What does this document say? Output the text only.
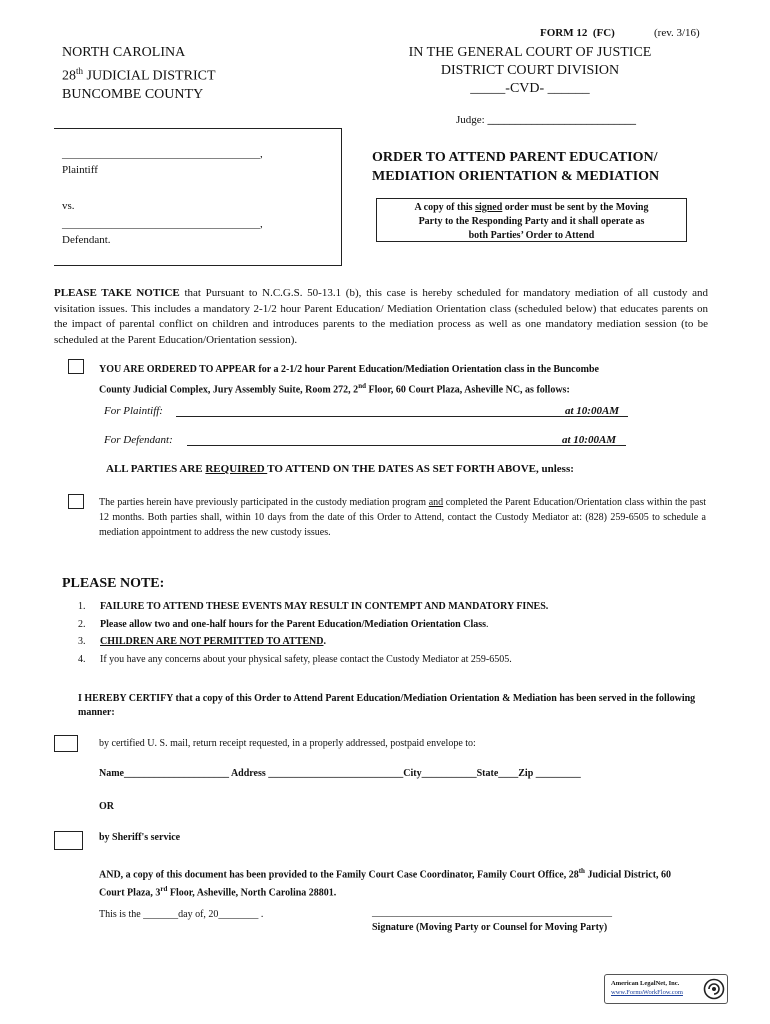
FORM 12 (FC)	(rev. 3/16)
NORTH CAROLINA
28th JUDICIAL DISTRICT
BUNCOMBE COUNTY
IN THE GENERAL COURT OF JUSTICE
DISTRICT COURT DIVISION
_____-CVD- ______
Judge: ___________________________
____________________________________,
Plaintiff
vs.
____________________________________,
Defendant.
ORDER TO ATTEND PARENT EDUCATION/
MEDIATION ORIENTATION & MEDIATION
A copy of this signed order must be sent by the Moving
Party to the Responding Party and it shall operate as
both Parties’ Order to Attend

PLEASE TAKE NOTICE that Pursuant to N.C.G.S. 50-13.1 (b), this case is hereby scheduled for mandatory mediation of all custody and visitation issues. This includes a mandatory 2-1/2 hour Parent Education/ Mediation Orientation class (scheduled below) that educates parents on the impact of parental conflict on children and introduces parents to the mediation process as well as one mandatory mediation session (to be scheduled at the Parent Education/Orientation session).

YOU ARE ORDERED TO APPEAR for a 2-1/2 hour Parent Education/Mediation Orientation class in the Buncombe
County Judicial Complex, Jury Assembly Suite, Room 272, 2nd Floor, 60 Court Plaza, Asheville NC, as follows:
For Plaintiff:	at 10:00AM
For Defendant:	at 10:00AM
ALL PARTIES ARE REQUIRED TO ATTEND ON THE DATES AS SET FORTH ABOVE, unless:

The parties herein have previously participated in the custody mediation program and completed the Parent Education/Orientation class within the past 12 months. Both parties shall, within 10 days from the date of this Order to Attend, contact the Custody Mediator at: (828) 259-6505 to schedule a mediation appointment to address the new custody issues.

PLEASE NOTE:
1. FAILURE TO ATTEND THESE EVENTS MAY RESULT IN CONTEMPT AND MANDATORY FINES.
2. Please allow two and one-half hours for the Parent Education/Mediation Orientation Class.
3. CHILDREN ARE NOT PERMITTED TO ATTEND.
4. If you have any concerns about your physical safety, please contact the Custody Mediator at 259-6505.

I HEREBY CERTIFY that a copy of this Order to Attend Parent Education/Mediation Orientation & Mediation has been served in the following manner:

by certified U. S. mail, return receipt requested, in a properly addressed, postpaid envelope to:
Name_____________________ Address ___________________________City___________State____Zip _________
OR
by Sheriff's service

AND, a copy of this document has been provided to the Family Court Case Coordinator, Family Court Office, 28th Judicial District, 60 Court Plaza, 3rd Floor, Asheville, North Carolina 28801.

This is the _______day of, 20________ .	________________________________________________
Signature (Moving Party or Counsel for Moving Party)
American LegalNet, Inc.
www.FormsWorkFlow.com
